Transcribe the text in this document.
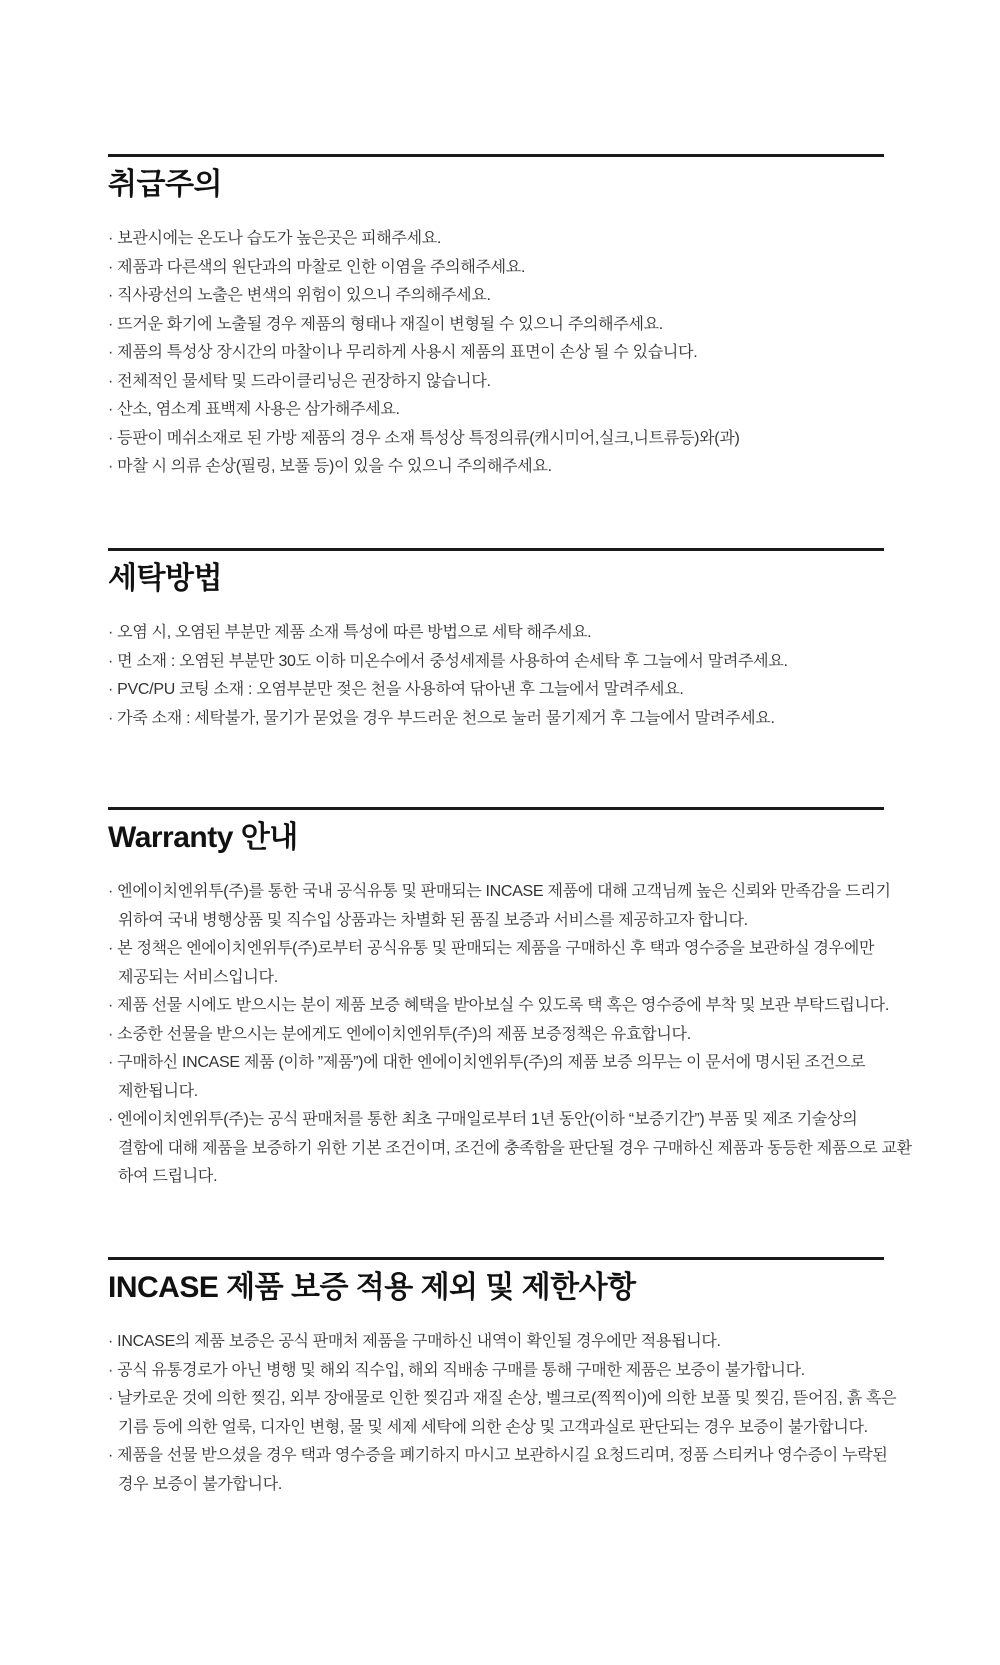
취급주의
· 보관시에는 온도나 습도가 높은곳은 피해주세요.
· 제품과 다른색의 원단과의 마찰로 인한 이염을 주의해주세요.
· 직사광선의 노출은 변색의 위험이 있으니 주의해주세요.
· 뜨거운 화기에 노출될 경우 제품의 형태나 재질이 변형될 수 있으니 주의해주세요.
· 제품의 특성상 장시간의 마찰이나 무리하게 사용시 제품의 표면이 손상 될 수 있습니다.
· 전체적인 물세탁 및 드라이클리닝은 권장하지 않습니다.
· 산소, 염소계 표백제 사용은 삼가해주세요.
· 등판이 메쉬소재로 된 가방 제품의 경우 소재 특성상 특정의류(캐시미어,실크,니트류등)와(과)
· 마찰 시 의류 손상(필링, 보풀 등)이 있을 수 있으니 주의해주세요.
세탁방법
· 오염 시, 오염된 부분만 제품 소재 특성에 따른 방법으로 세탁 해주세요.
· 면 소재 : 오염된 부분만 30도 이하 미온수에서 중성세제를 사용하여 손세탁 후 그늘에서 말려주세요.
· PVC/PU 코팅 소재 : 오염부분만 젖은 천을 사용하여 닦아낸 후 그늘에서 말려주세요.
· 가죽 소재 : 세탁불가, 물기가 묻었을 경우 부드러운 천으로 눌러 물기제거 후 그늘에서 말려주세요.
Warranty 안내
· 엔에이치엔위투(주)를 통한 국내 공식유통 및 판매되는 INCASE 제품에 대해 고객님께 높은 신뢰와 만족감을 드리기
위하여 국내 병행상품 및 직수입 상품과는 차별화 된 품질 보증과 서비스를 제공하고자 합니다.
· 본 정책은 엔에이치엔위투(주)로부터 공식유통 및 판매되는 제품을 구매하신 후 택과 영수증을 보관하실 경우에만
제공되는 서비스입니다.
· 제품 선물 시에도 받으시는 분이 제품 보증 혜택을 받아보실 수 있도록 택 혹은 영수증에 부착 및 보관 부탁드립니다.
· 소중한 선물을 받으시는 분에게도 엔에이치엔위투(주)의 제품 보증정책은 유효합니다.
· 구매하신 INCASE 제품 (이하 ”제품”)에 대한 엔에이치엔위투(주)의 제품 보증 의무는 이 문서에 명시된 조건으로
제한됩니다.
· 엔에이치엔위투(주)는 공식 판매처를 통한 최초 구매일로부터 1년 동안(이하 “보증기간”) 부품 및 제조 기술상의
결함에 대해 제품을 보증하기 위한 기본 조건이며, 조건에 충족함을 판단될 경우 구매하신 제품과 동등한 제품으로 교환
하여 드립니다.
INCASE 제품 보증 적용 제외 및 제한사항
· INCASE의 제품 보증은 공식 판매처 제품을 구매하신 내역이 확인될 경우에만 적용됩니다.
· 공식 유통경로가 아닌 병행 및 해외 직수입, 해외 직배송 구매를 통해 구매한 제품은 보증이 불가합니다.
· 날카로운 것에 의한 찢김, 외부 장애물로 인한 찢김과 재질 손상, 벨크로(찍찍이)에 의한 보풀 및 찢김, 뜯어짐, 흙 혹은
기름 등에 의한 얼룩, 디자인 변형, 물 및 세제 세탁에 의한 손상 및 고객과실로 판단되는 경우 보증이 불가합니다.
· 제품을 선물 받으셨을 경우 택과 영수증을 폐기하지 마시고 보관하시길 요청드리며, 정품 스티커나 영수증이 누락된
경우 보증이 불가합니다.
